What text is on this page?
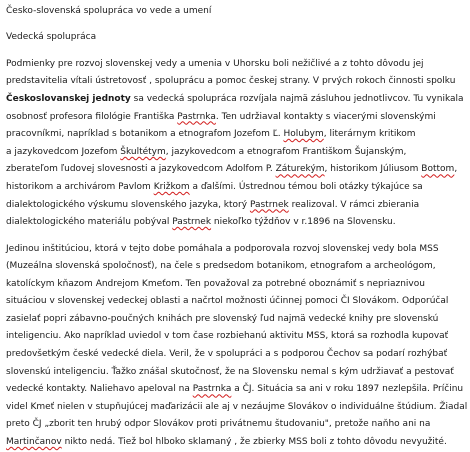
Česko-slovenská spolupráca vo vede a umení
Vedecká spolupráca
Podmienky pre rozvoj slovenskej vedy a umenia v Uhorsku boli nežičlivé a z tohto dôvodu jej
predstavitelia vítali ústretovosť , spoluprácu a pomoc českej strany. V prvých rokoch činnosti spolku
Českoslovanskej jednoty sa vedecká spolupráca rozvíjala najmä zásluhou jednotlivcov. Tu vynikala
osobnosť profesora filológie Františka Pastrnka. Ten udržiaval kontakty s viacerými slovenskými
pracovníkmi, napríklad s botanikom a etnografom Jozefom Ľ. Holubym, literárnym kritikom
a jazykovedcom Jozefom Škultétym, jazykovedcom a etnografom Františkom Šujanským,
zberateľom ľudovej slovesnosti a jazykovedcom Adolfom P. Záturekým, historikom Júliusom Bottom,
historikom a archivárom Pavlom Križkom a ďalšími. Ústrednou témou boli otázky týkajúce sa
dialektologického výskumu slovenského jazyka, ktorý Pastrnek realizoval. V rámci zbierania
dialektologického materiálu pobýval Pastrnek niekoľko týždňov v r.1896 na Slovensku.
Jedinou inštitúciou, ktorá v tejto dobe pomáhala a podporovala rozvoj slovenskej vedy bola MSS
(Muzeálna slovenská spoločnosť), na čele s predsedom botanikom, etnografom a archeológom,
katolíckym kňazom Andrejom Kmeťom. Ten považoval za potrebné oboznámiť s nepriaznivou
situáciou v slovenskej vedeckej oblasti a načrtol možnosti účinnej pomoci ČI Slovákom. Odporúčal
zasielať popri zábavno-poučných knihách pre slovenský ľud najmä vedecké knihy pre slovenskú
inteligenciu. Ako napríklad uviedol v tom čase rozbiehanú aktivitu MSS, ktorá sa rozhodla kupovať
predovšetkým české vedecké diela. Veril, že v spolupráci a s podporou Čechov sa podarí rozhýbať
slovenskú inteligenciu. Ťažko znášal skutočnosť, že na Slovensku nemal s kým udržiavať a pestovať
vedecké kontakty. Naliehavo apeloval na Pastrnka a ČJ. Situácia sa ani v roku 1897 nezlepšila. Príčinu
videl Kmeť nielen v stupňujúcej maďarizácii ale aj v nezáujme Slovákov o individuálne štúdium. Žiadal
preto ČJ „zborit ten hrubý odpor Slovákov proti privátnemu študovaniu", pretože naňho ani na
Martinčanov nikto nedá. Tiež bol hlboko sklamaný , že zbierky MSS boli z tohto dôvodu nevyužité.
